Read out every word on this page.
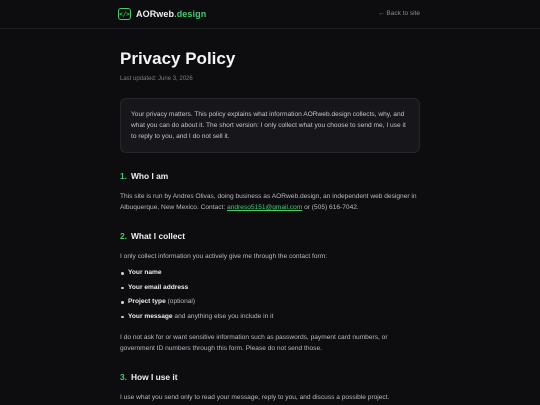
</> AORweb.design	← Back to site
Privacy Policy
Last updated: June 3, 2026
Your privacy matters. This policy explains what information AORweb.design collects, why, and what you can do about it. The short version: I only collect what you choose to send me, I use it to reply to you, and I do not sell it.
1. Who I am

This site is run by Andres Olivas, doing business as AORweb.design, an independent web designer in Albuquerque, New Mexico. Contact: andreso5151@gmail.com or (505) 616-7042.

2. What I collect

I only collect information you actively give me through the contact form:

Your name
Your email address
Project type (optional)
Your message and anything else you include in it

I do not ask for or want sensitive information such as passwords, payment card numbers, or government ID numbers through this form. Please do not send those.

3. How I use it

I use what you send only to read your message, reply to you, and discuss a possible project.
